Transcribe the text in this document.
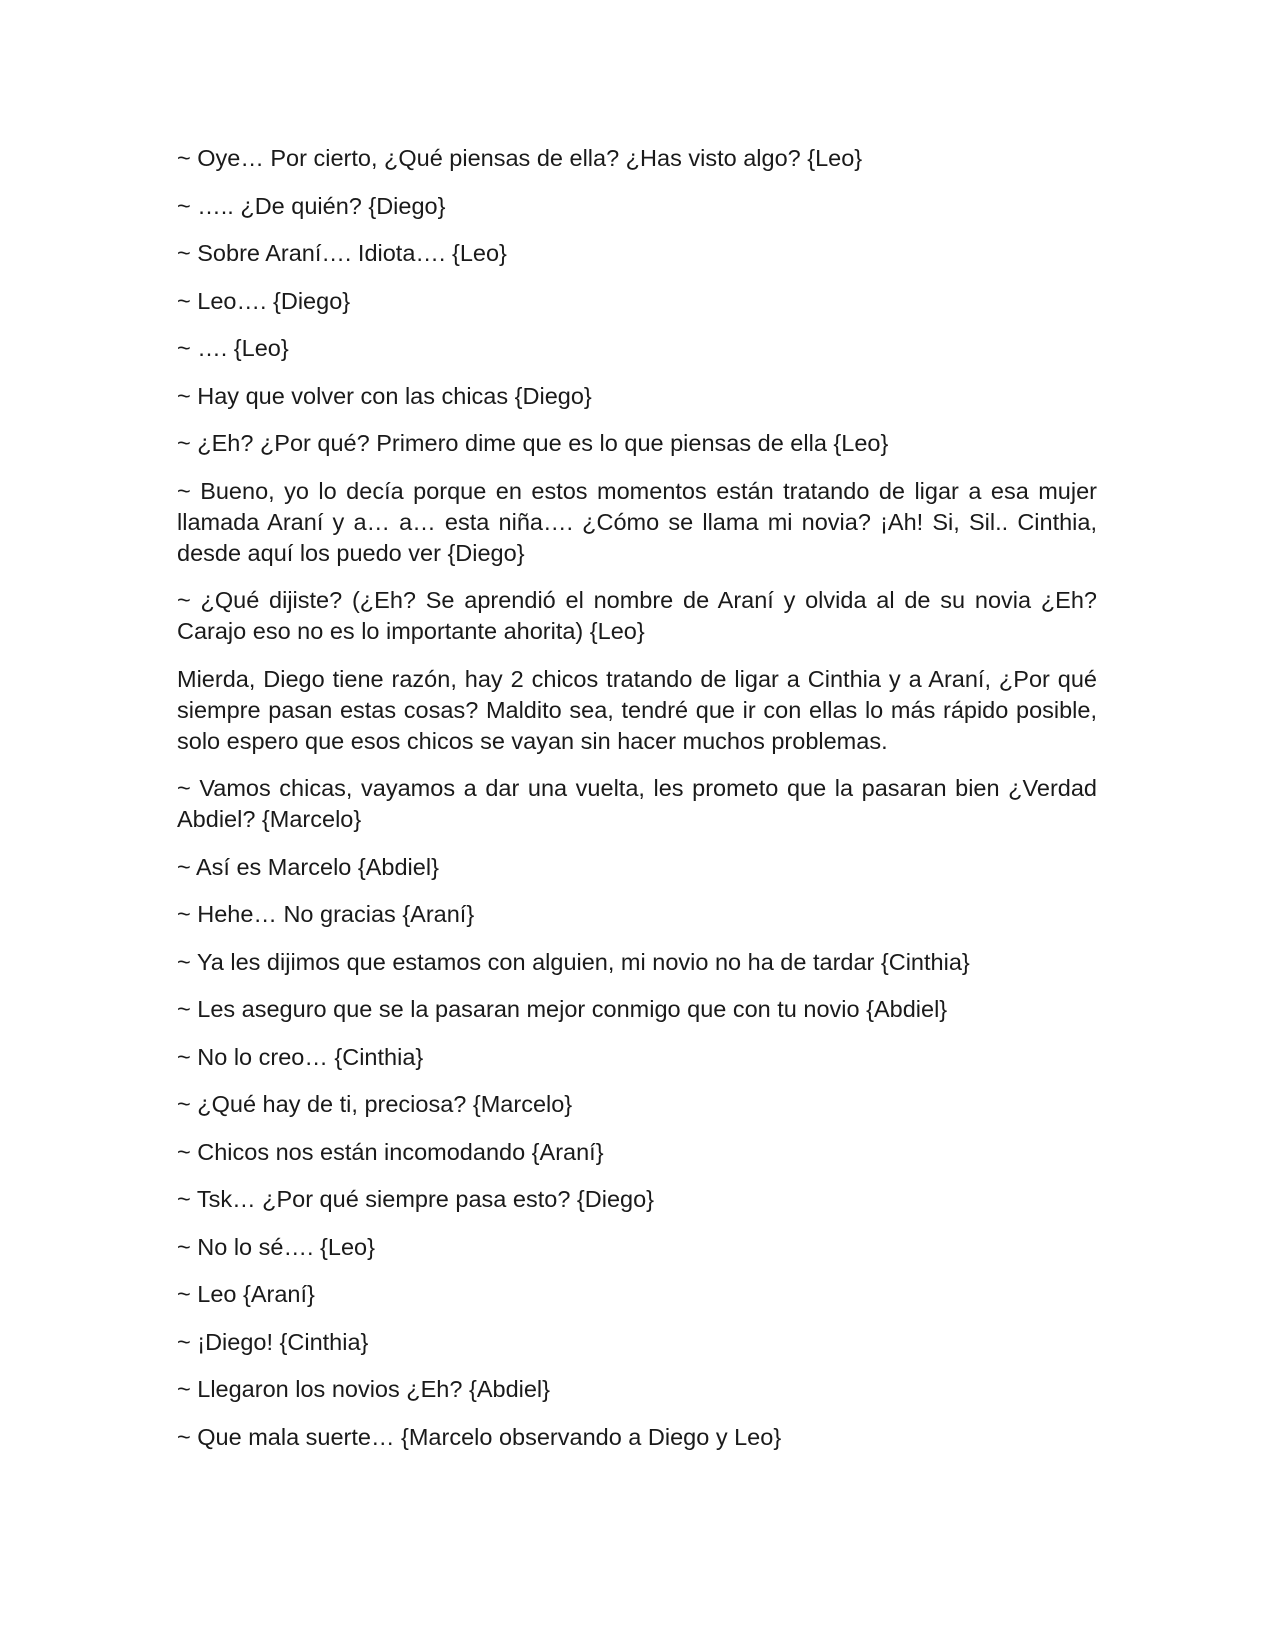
~ Oye… Por cierto, ¿Qué piensas de ella? ¿Has visto algo? {Leo}

~ ….. ¿De quién? {Diego}

~ Sobre Araní…. Idiota…. {Leo}

~ Leo…. {Diego}

~ …. {Leo}

~ Hay que volver con las chicas {Diego}

~ ¿Eh? ¿Por qué? Primero dime que es lo que piensas de ella {Leo}

~ Bueno, yo lo decía porque en estos momentos están tratando de ligar a esa mujer llamada Araní y a… a… esta niña…. ¿Cómo se llama mi novia? ¡Ah! Si, Sil.. Cinthia, desde aquí los puedo ver {Diego}

~ ¿Qué dijiste? (¿Eh? Se aprendió el nombre de Araní y olvida al de su novia ¿Eh? Carajo eso no es lo importante ahorita) {Leo}

Mierda, Diego tiene razón, hay 2 chicos tratando de ligar a Cinthia y a Araní, ¿Por qué siempre pasan estas cosas? Maldito sea, tendré que ir con ellas lo más rápido posible, solo espero que esos chicos se vayan sin hacer muchos problemas.

~ Vamos chicas, vayamos a dar una vuelta, les prometo que la pasaran bien ¿Verdad Abdiel? {Marcelo}

~ Así es Marcelo {Abdiel}

~ Hehe… No gracias {Araní}

~ Ya les dijimos que estamos con alguien, mi novio no ha de tardar {Cinthia}

~ Les aseguro que se la pasaran mejor conmigo que con tu novio {Abdiel}

~ No lo creo… {Cinthia}

~ ¿Qué hay de ti, preciosa? {Marcelo}

~ Chicos nos están incomodando {Araní}

~ Tsk… ¿Por qué siempre pasa esto? {Diego}

~ No lo sé…. {Leo}

~ Leo {Araní}

~ ¡Diego! {Cinthia}

~ Llegaron los novios ¿Eh? {Abdiel}

~ Que mala suerte… {Marcelo observando a Diego y Leo}
